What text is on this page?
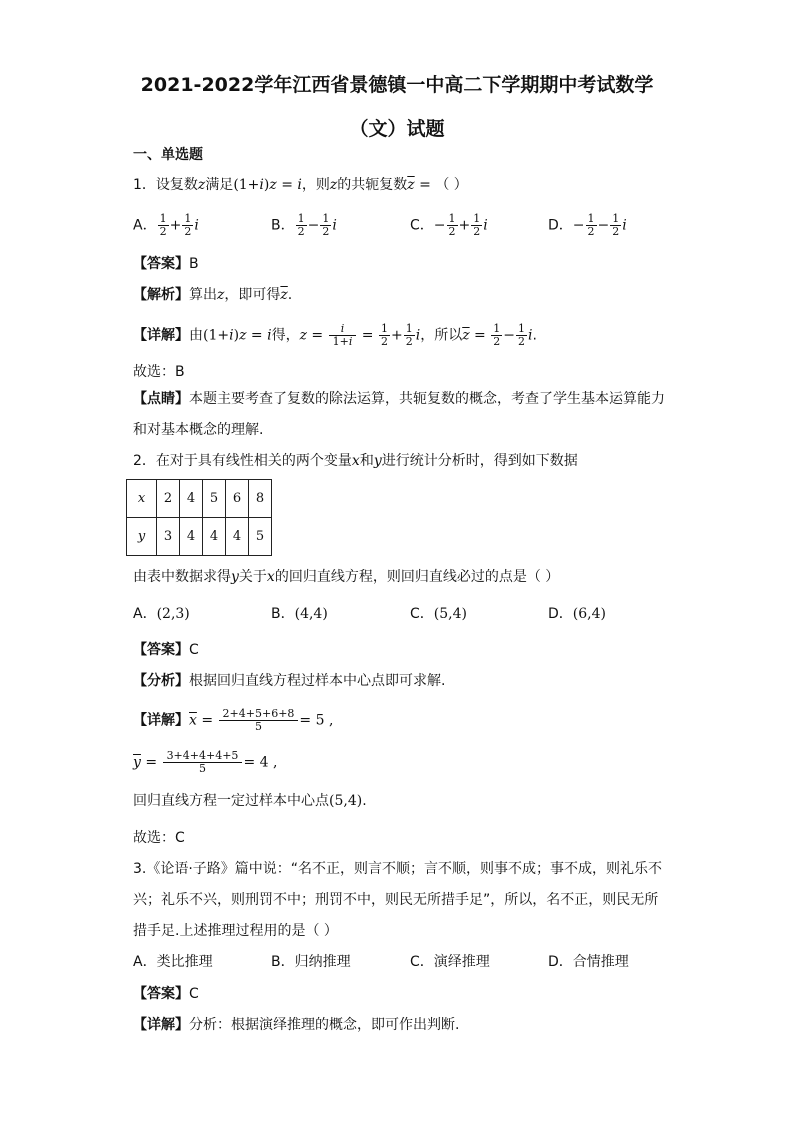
2021-2022学年江西省景德镇一中高二下学期期中考试数学
（文）试题
一、单选题
1．设复数z满足(1+i)z = i，则z的共轭复数$\overline{z}$ = （ ）
A． $\frac{1}{2} + \frac{1}{2}$ i	B． $\frac{1}{2} - \frac{1}{2}$ i	C．− $\frac{1}{2} + \frac{1}{2}$ i	D．− $\frac{1}{2} - \frac{1}{2}$ i
【答案】B
【解析】算出z，即可得$\overline{z}$.
【详解】由(1+i)z = i得，$z = \frac{i}{1+i} = \frac{1}{2} + \frac{1}{2}$ i，所以$\overline{z} = \frac{1}{2} - \frac{1}{2} i$.
故选：B
【点睛】本题主要考查了复数的除法运算，共轭复数的概念，考查了学生基本运算能力
和对基本概念的理解.
2．在对于具有线性相关的两个变量x和y进行统计分析时，得到如下数据
x	2	4	5	6	8
y	3	4	4	4	5
由表中数据求得y关于x的回归直线方程，则回归直线必过的点是（ ）
A．(2,3)	B．(4,4)	C．(5,4)	D．(6,4)
【答案】C
【分析】根据回归直线方程过样本中心点即可求解.
【详解】$\overline{x} = \frac{2+4+5+6+8}{5} = 5$ ,
$\overline{y} = \frac{3+4+4+4+5}{5} = 4$ ,
回归直线方程一定过样本中心点(5,4).
故选：C
3.《论语·子路》篇中说：“名不正，则言不顺；言不顺，则事不成；事不成，则礼乐不
兴；礼乐不兴，则刑罚不中；刑罚不中，则民无所措手足”，所以，名不正，则民无所
措手足.上述推理过程用的是（ ）
A．类比推理	B．归纳推理	C．演绎推理	D．合情推理
【答案】C
【详解】分析：根据演绎推理的概念，即可作出判断.
